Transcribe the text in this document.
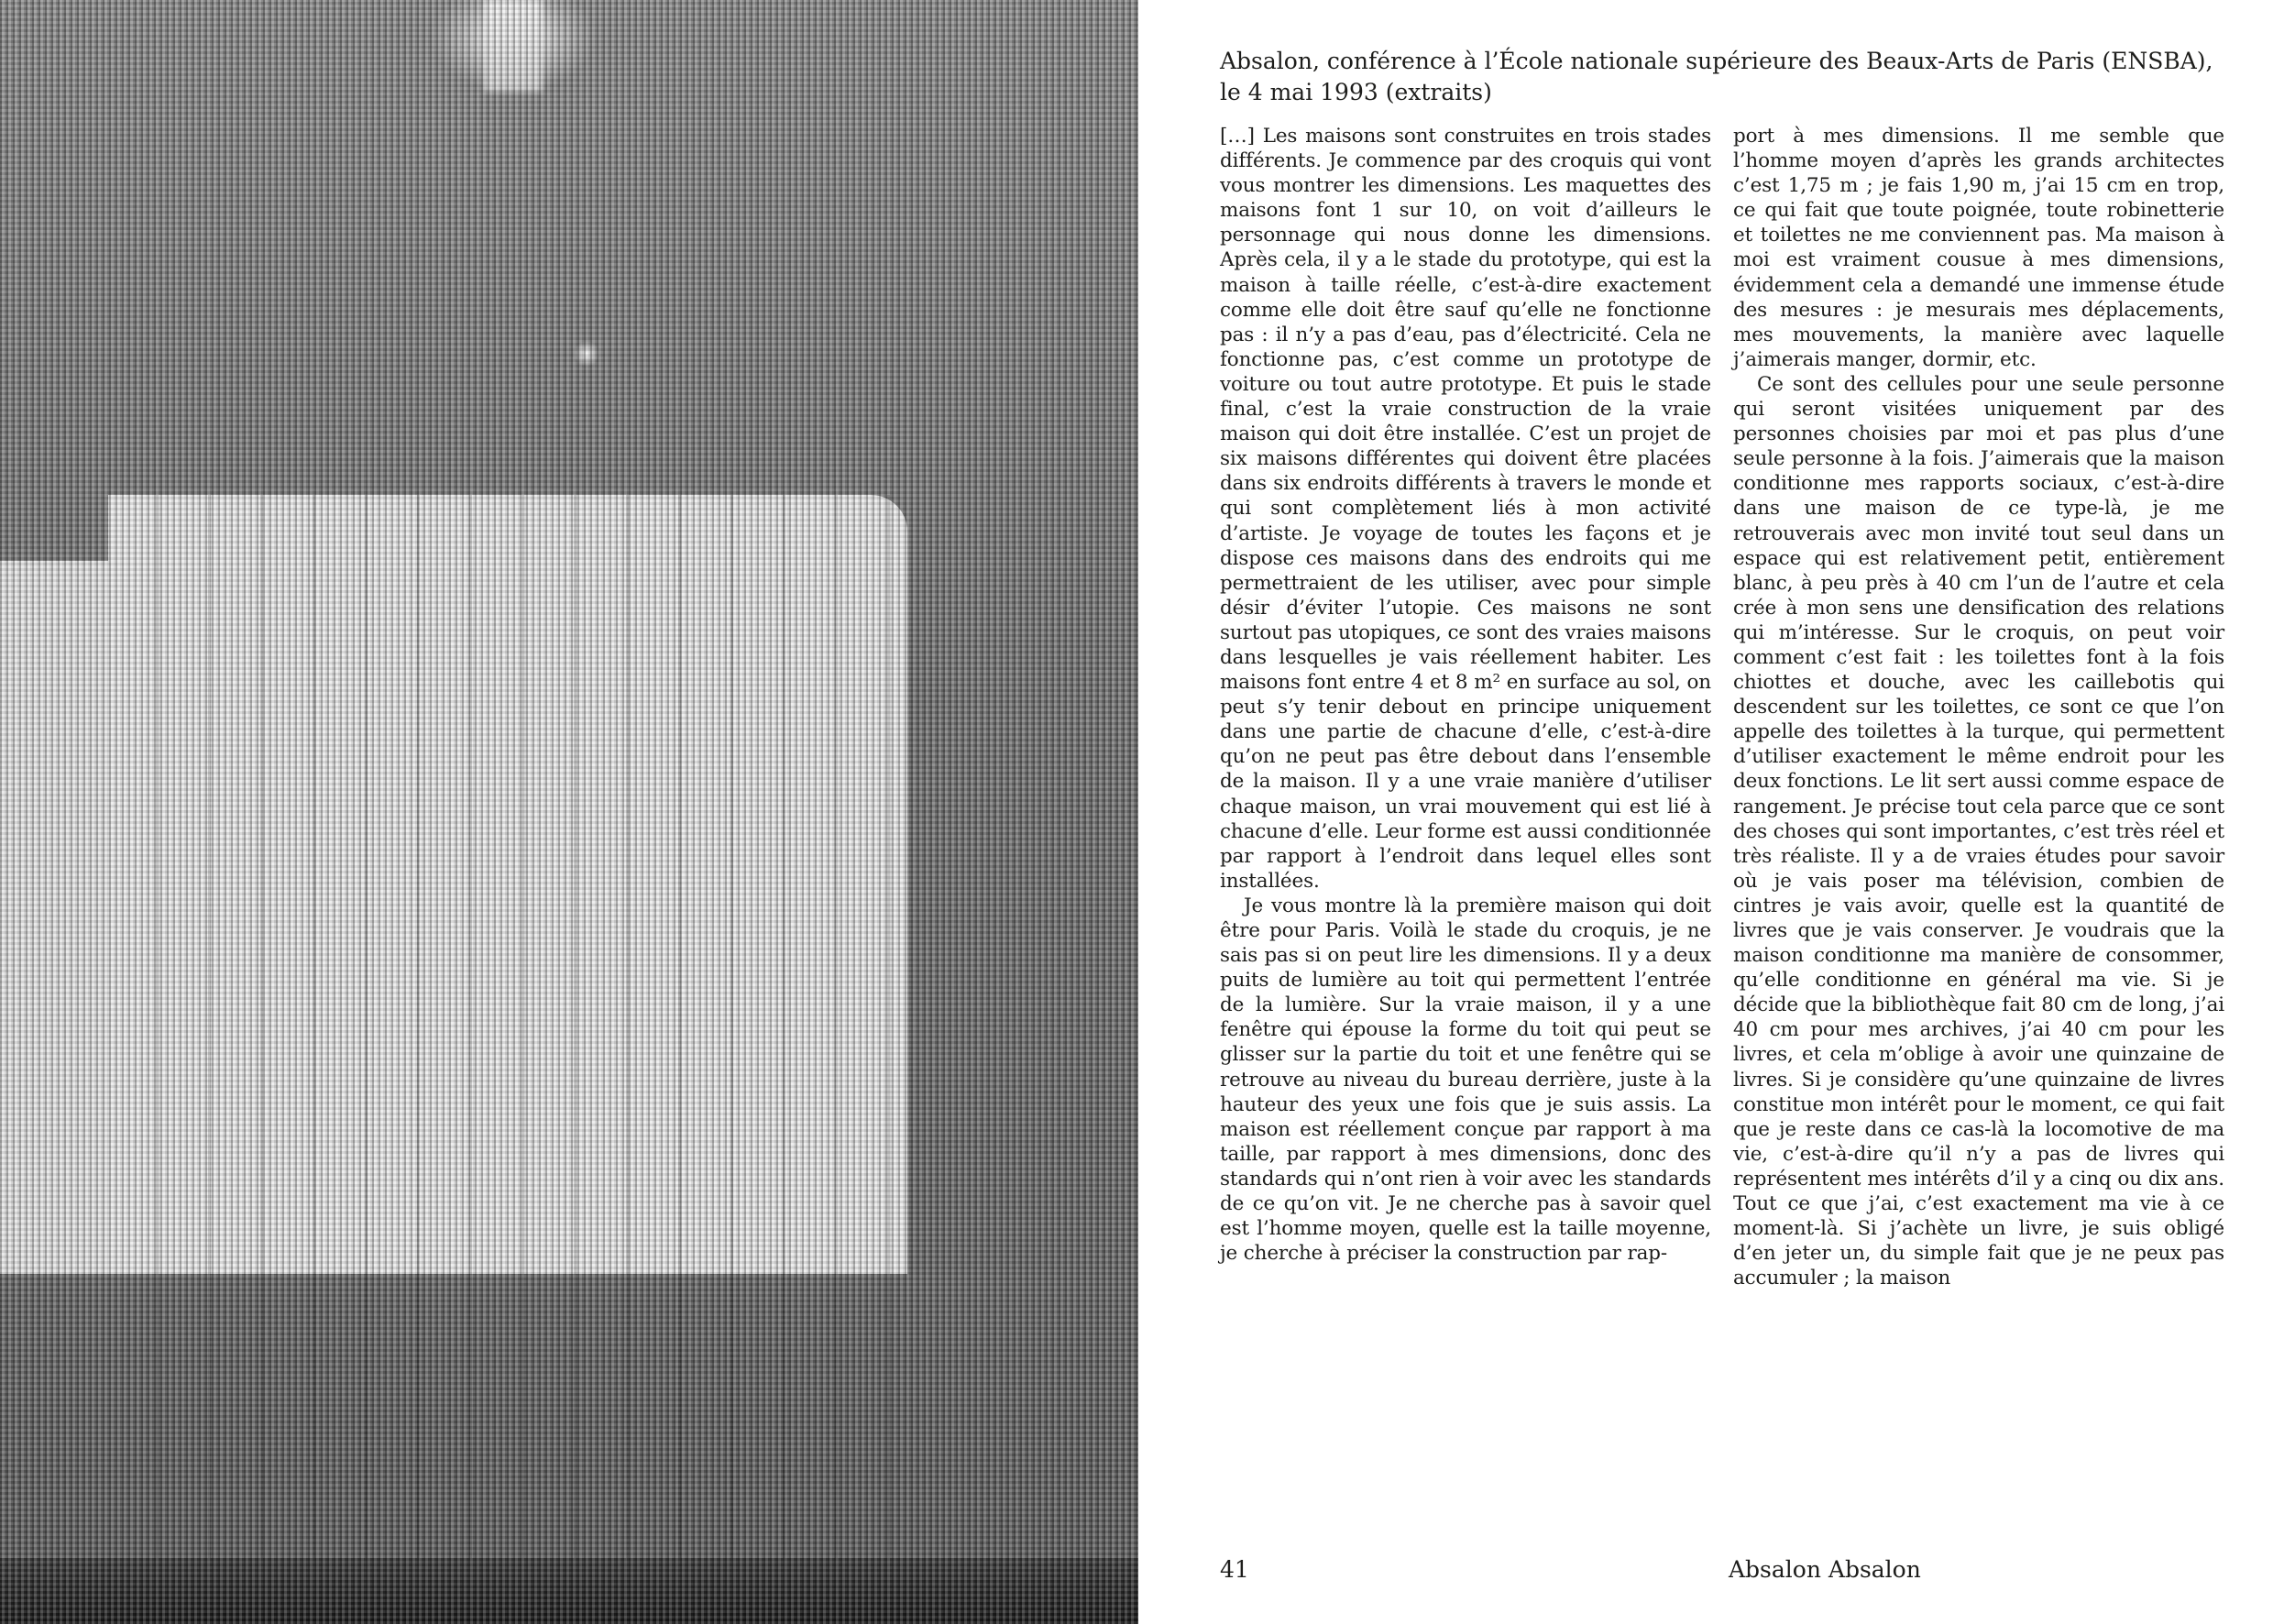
Absalon, conférence à l’École nationale supérieure des Beaux-Arts de Paris (ENSBA), le 4 mai 1993 (extraits)

[…] Les maisons sont construites en trois stades différents. Je commence par des croquis qui vont vous montrer les dimensions. Les maquettes des maisons font 1 sur 10, on voit d’ailleurs le personnage qui nous donne les dimensions. Après cela, il y a le stade du prototype, qui est la maison à taille réelle, c’est-à-dire exactement comme elle doit être sauf qu’elle ne fonctionne pas : il n’y a pas d’eau, pas d’électricité. Cela ne fonctionne pas, c’est comme un prototype de voiture ou tout autre prototype. Et puis le stade final, c’est la vraie construction de la vraie maison qui doit être installée. C’est un projet de six maisons différentes qui doivent être placées dans six endroits différents à travers le monde et qui sont complètement liés à mon activité d’artiste. Je voyage de toutes les façons et je dispose ces maisons dans des endroits qui me permettraient de les utiliser, avec pour simple désir d’éviter l’utopie. Ces maisons ne sont surtout pas utopiques, ce sont des vraies maisons dans lesquelles je vais réellement habiter. Les maisons font entre 4 et 8 m² en surface au sol, on peut s’y tenir debout en principe uniquement dans une partie de chacune d’elle, c’est-à-dire qu’on ne peut pas être debout dans l’ensemble de la maison. Il y a une vraie manière d’utiliser chaque maison, un vrai mouvement qui est lié à chacune d’elle. Leur forme est aussi conditionnée par rapport à l’endroit dans lequel elles sont installées.

Je vous montre là la première maison qui doit être pour Paris. Voilà le stade du croquis, je ne sais pas si on peut lire les dimensions. Il y a deux puits de lumière au toit qui permettent l’entrée de la lumière. Sur la vraie maison, il y a une fenêtre qui épouse la forme du toit qui peut se glisser sur la partie du toit et une fenêtre qui se retrouve au niveau du bureau derrière, juste à la hauteur des yeux une fois que je suis assis. La maison est réellement conçue par rapport à ma taille, par rapport à mes dimensions, donc des standards qui n’ont rien à voir avec les standards de ce qu’on vit. Je ne cherche pas à savoir quel est l’homme moyen, quelle est la taille moyenne, je cherche à préciser la construction par rap-

port à mes dimensions. Il me semble que l’homme moyen d’après les grands architectes c’est 1,75 m ; je fais 1,90 m, j’ai 15 cm en trop, ce qui fait que toute poignée, toute robinetterie et toilettes ne me conviennent pas. Ma maison à moi est vraiment cousue à mes dimensions, évidemment cela a demandé une immense étude des mesures : je mesurais mes déplacements, mes mouvements, la manière avec laquelle j’aimerais manger, dormir, etc.

Ce sont des cellules pour une seule personne qui seront visitées uniquement par des personnes choisies par moi et pas plus d’une seule personne à la fois. J’aimerais que la maison conditionne mes rapports sociaux, c’est-à-dire dans une maison de ce type-là, je me retrouverais avec mon invité tout seul dans un espace qui est relativement petit, entièrement blanc, à peu près à 40 cm l’un de l’autre et cela crée à mon sens une densification des relations qui m’intéresse. Sur le croquis, on peut voir comment c’est fait : les toilettes font à la fois chiottes et douche, avec les caillebotis qui descendent sur les toilettes, ce sont ce que l’on appelle des toilettes à la turque, qui permettent d’utiliser exactement le même endroit pour les deux fonctions. Le lit sert aussi comme espace de rangement. Je précise tout cela parce que ce sont des choses qui sont importantes, c’est très réel et très réaliste. Il y a de vraies études pour savoir où je vais poser ma télévision, combien de cintres je vais avoir, quelle est la quantité de livres que je vais conserver. Je voudrais que la maison conditionne ma manière de consommer, qu’elle conditionne en général ma vie. Si je décide que la bibliothèque fait 80 cm de long, j’ai 40 cm pour mes archives, j’ai 40 cm pour les livres, et cela m’oblige à avoir une quinzaine de livres. Si je considère qu’une quinzaine de livres constitue mon intérêt pour le moment, ce qui fait que je reste dans ce cas-là la locomotive de ma vie, c’est-à-dire qu’il n’y a pas de livres qui représentent mes intérêts d’il y a cinq ou dix ans. Tout ce que j’ai, c’est exactement ma vie à ce moment-là. Si j’achète un livre, je suis obligé d’en jeter un, du simple fait que je ne peux pas accumuler ; la maison

41	Absalon Absalon
